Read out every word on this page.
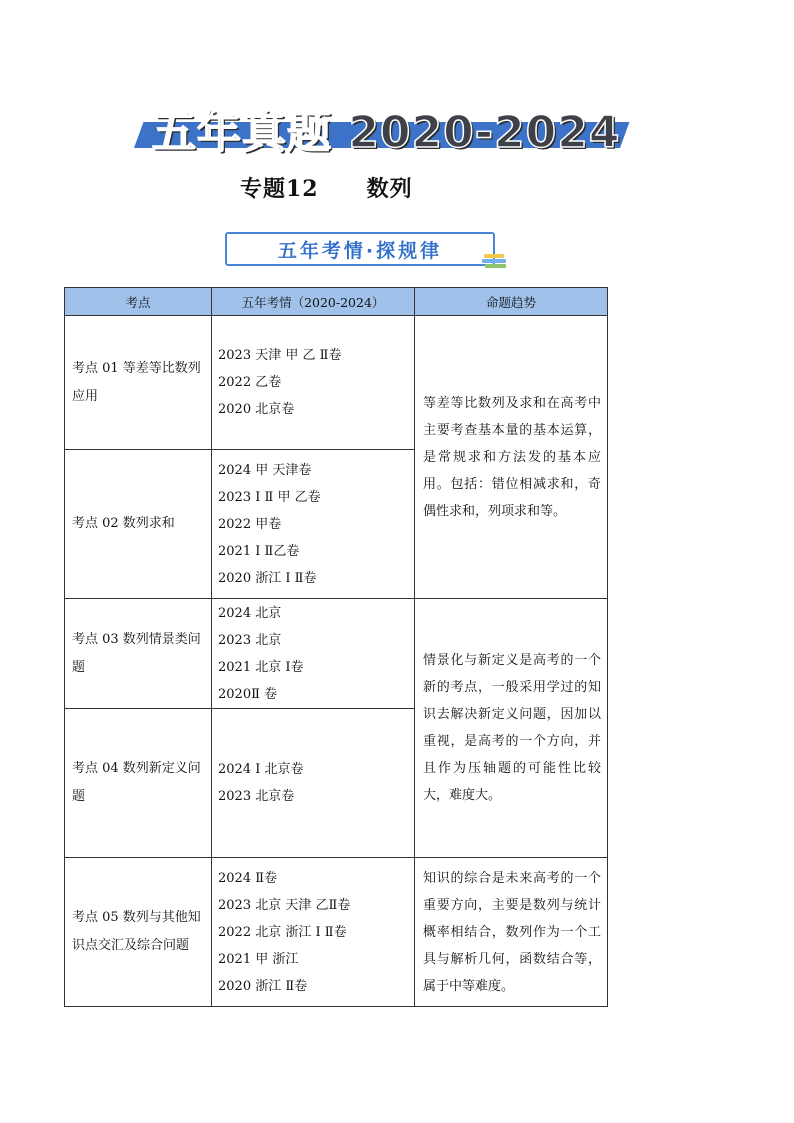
五年真题 2020-2024
专题12 数列
五年考情·探规律
考点	五年考情（2020-2024）	命题趋势
考点 01 等差等比数列应用	2023 天津 甲 乙 Ⅱ卷
2022 乙卷
2020 北京卷	等差等比数列及求和在高考中主要考查基本量的基本运算，是常规求和方法发的基本应用。包括：错位相减求和，奇偶性求和，列项求和等。
考点 02 数列求和	2024 甲 天津卷
2023 Ⅰ Ⅱ 甲 乙卷
2022 甲卷
2021 Ⅰ Ⅱ乙卷
2020 浙江 Ⅰ Ⅱ卷	

考点 03 数列情景类问题	2024 北京
2023 北京
2021 北京 Ⅰ卷
2020Ⅱ 卷	情景化与新定义是高考的一个新的考点，一般采用学过的知识去解决新定义问题，因加以重视，是高考的一个方向，并且作为压轴题的可能性比较大，难度大。
考点 04 数列新定义问题	2024 Ⅰ 北京卷
2023 北京卷	

考点 05 数列与其他知识点交汇及综合问题	2024 Ⅱ卷
2023 北京 天津 乙Ⅱ卷
2022 北京 浙江 Ⅰ Ⅱ卷
2021 甲 浙江
2020 浙江 Ⅱ卷	知识的综合是未来高考的一个重要方向，主要是数列与统计概率相结合，数列作为一个工具与解析几何，函数结合等，属于中等难度。
